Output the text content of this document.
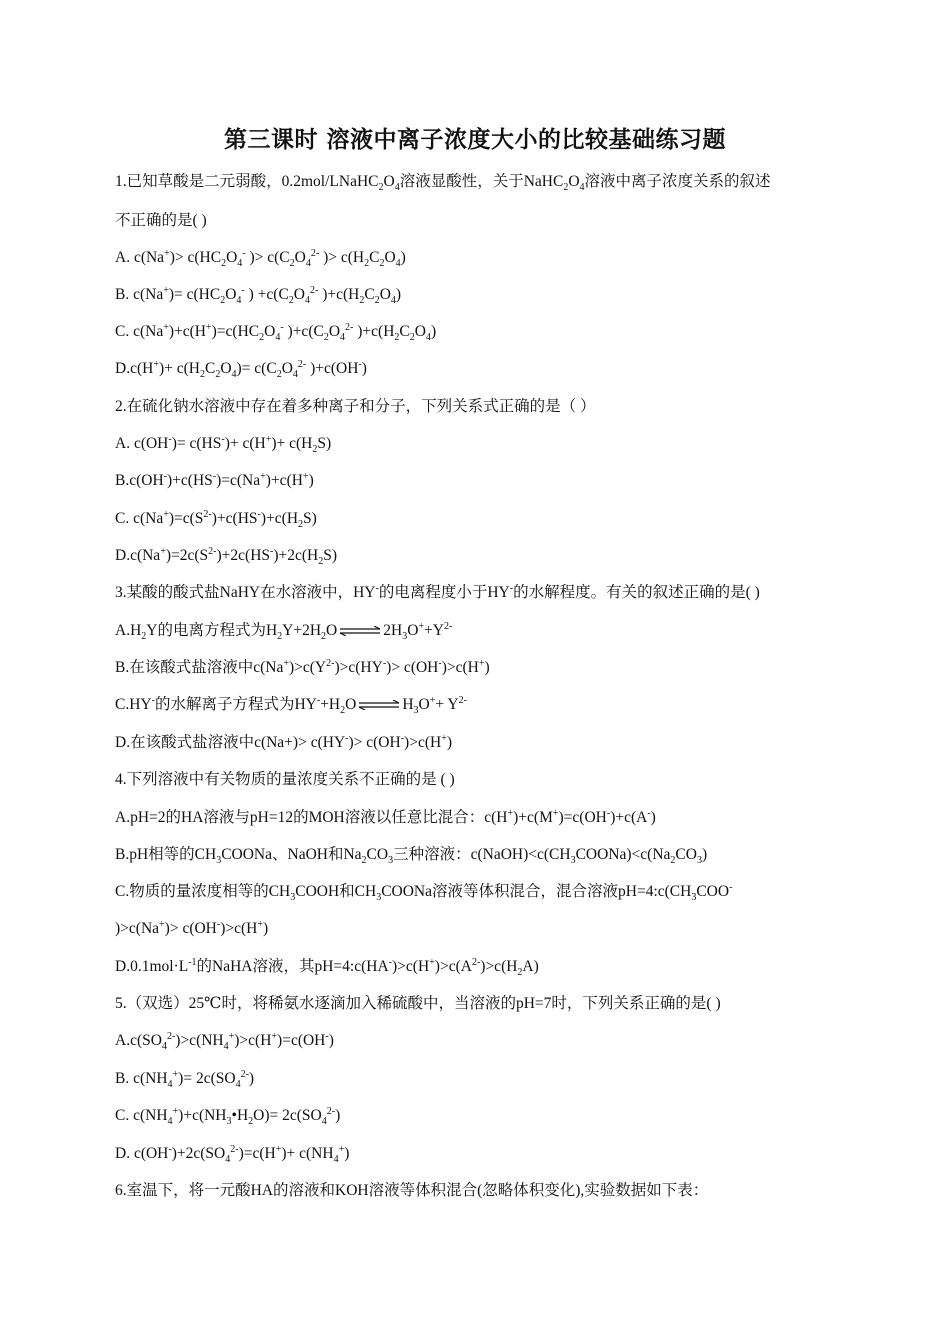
第三课时 溶液中离子浓度大小的比较基础练习题
1.已知草酸是二元弱酸，$0.2mol/LNaHC_2O_4$溶液显酸性，关于$NaHC_2O_4$溶液中离子浓度关系的叙述
不正确的是( )
A. $c(Na^+)> c(HC_2O_4^-$ )> $c(C_2O_4^{2-}$ )> $c(H_2C_2O_4)$
B. $c(Na^+)= c(HC_2O_4^-$ ) $+c(C_2O_4^{2-}$ )$+c(H_2C_2O_4)$
C. $c(Na^+)+c(H^+)=c(HC_2O_4^-$ )$+c(C_2O_4^{2-}$ )$+c(H_2C_2O_4)$
$D.c(H^+)+ c(H_2C_2O_4)= c(C_2O_4^{2-}$ )+c(OH-)
2.在硫化钠水溶液中存在着多种离子和分子，下列关系式正确的是（ ）
A. $c(OH^-)= c(HS^-)+ c(H^+)+ c(H_2S)$
B.c(OH-)+c(HS-)=c(Na+)+c(H+)
C. $c(Na^+)=c(S^{2-})+c(HS^-)+c(H_2S)$
$D.c(Na^+)=2c(S^{2-})+2c(HS^-)+2c(H_2S)$
3.某酸的酸式盐NaHY在水溶液中，HY-的电离程度小于HY-的水解程度。有关的叙述正确的是( )
$A.H_2Y$的电离方程式为$H_2Y+2H_2O\rightleftharpoons 2H_3O^++Y^{2-}$
B.在该酸式盐溶液中$c(Na^+)>c(Y^{2-})>c(HY^-)> c(OH^-)>c(H^+)$
C.HY-的水解离子方程式为$HY^-+H_2O\rightleftharpoons H_3O^++ Y^{2-}$
D.在该酸式盐溶液中c(Na+)> c(HY-)> c(OH-)>c(H+)
4.下列溶液中有关物质的量浓度关系不正确的是 ( )
A.pH=2的HA溶液与pH=12的MOH溶液以任意比混合：c(H+)+c(M+)=c(OH-)+c(A-)
B.pH相等的$CH_3COONa$、NaOH和$Na_2CO_3$三种溶液：$c(NaOH)<c(CH_3COONa)<c(Na_2CO_3)$
C.物质的量浓度相等的$CH_3COOH$和$CH_3COONa$溶液等体积混合，混合溶液$pH=4:c(CH_3COO^-$
)>c(Na+)> c(OH-)>c(H+)
$D.0.1mol\cdot L^{-1}$的NaHA溶液，其$pH=4:c(HA^-)>c(H^+)>c(A^{2-})>c(H_2A)$
5.（双选）25℃时，将稀氨水逐滴加入稀硫酸中，当溶液的pH=7时，下列关系正确的是( )
$A.c(SO_4^{2-})>c(NH_4^+)>c(H^+)=c(OH^-)$
B. $c(NH_4^+)= 2c(SO_4^{2-})$
C. $c(NH_4^+)+c(NH_3•H_2O)= 2c(SO_4^{2-})$
D. $c(OH^-)+2c(SO_4^{2-})=c(H^+)+ c(NH_4^+)$
6.室温下，将一元酸HA的溶液和KOH溶液等体积混合(忽略体积变化),实验数据如下表：
